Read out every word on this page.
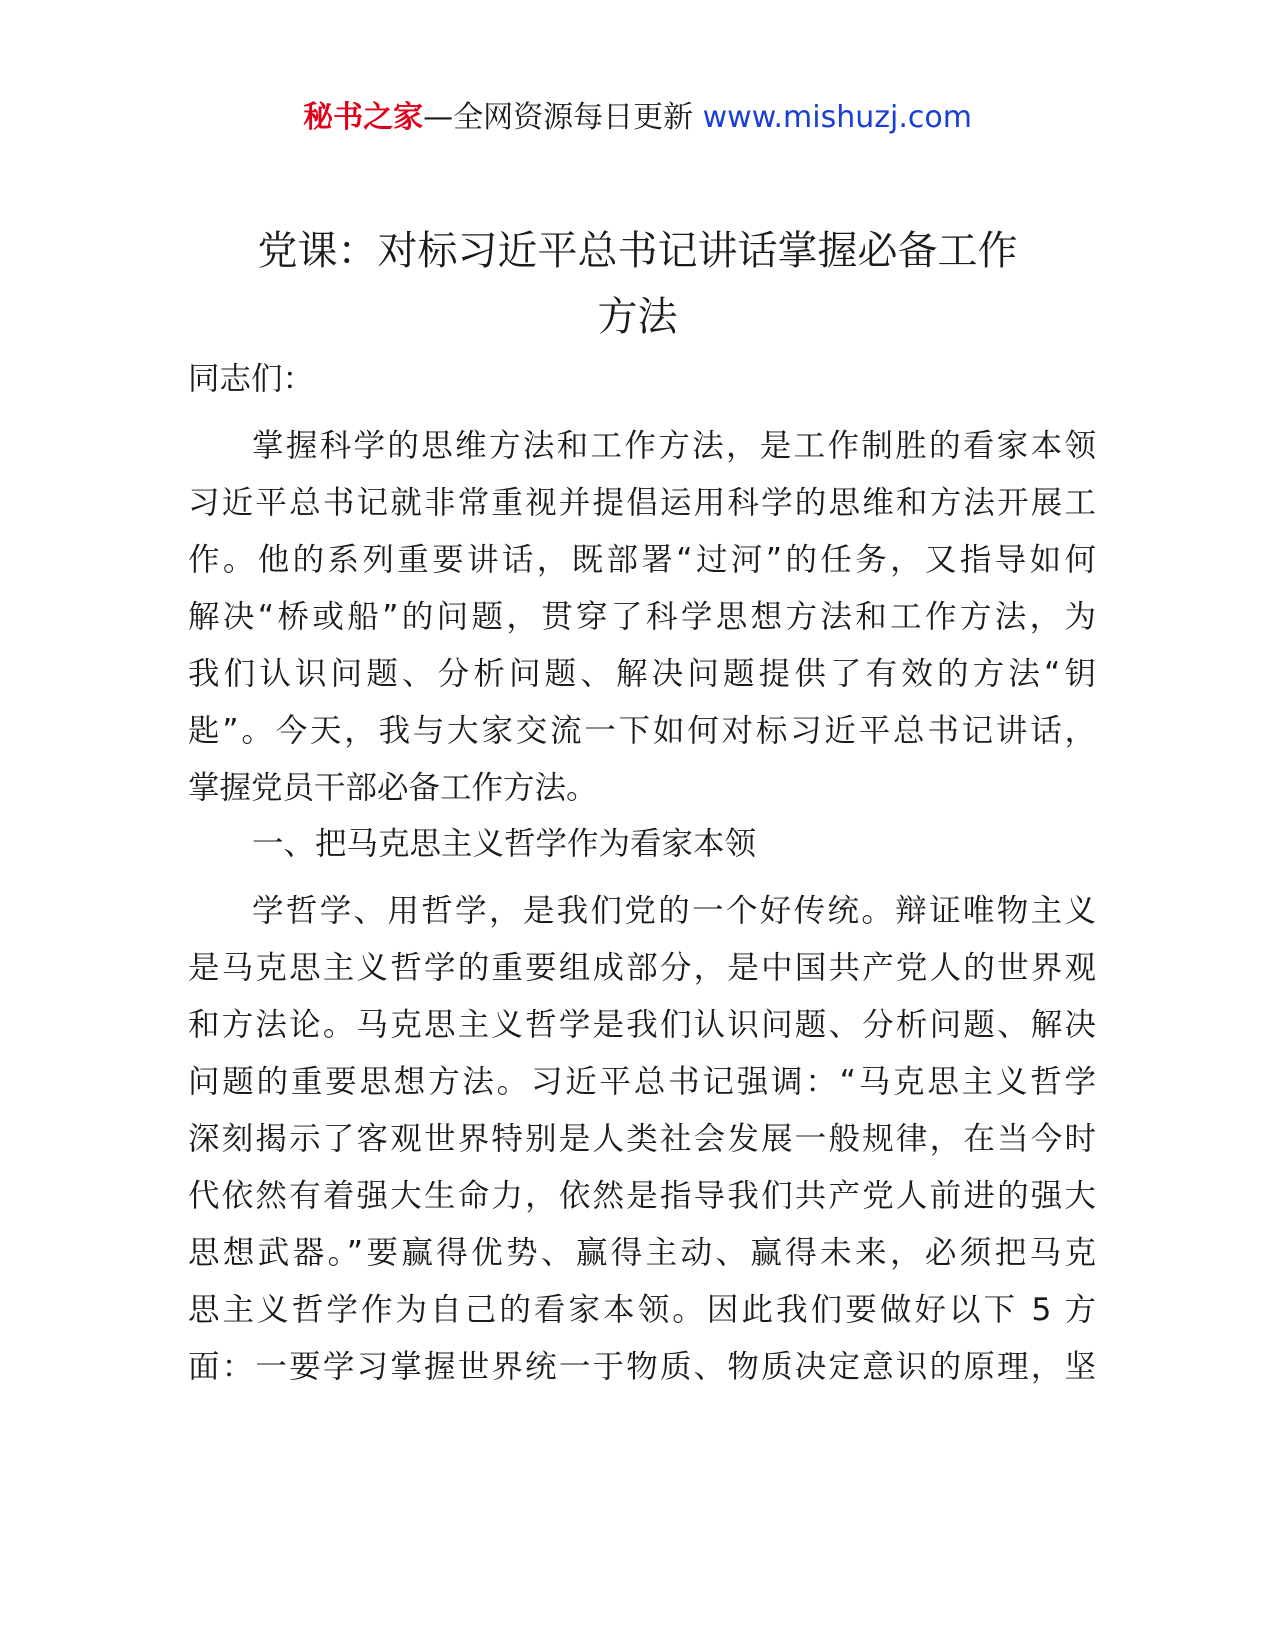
秘书之家—全网资源每日更新 www.mishuzj.com
党课：对标习近平总书记讲话掌握必备工作
方法

同志们：

掌握科学的思维方法和工作方法，是工作制胜的看家本领
习近平总书记就非常重视并提倡运用科学的思维和方法开展工
作。他的系列重要讲话，既部署“过河”的任务，又指导如何
解决“桥或船”的问题，贯穿了科学思想方法和工作方法，为
我们认识问题、分析问题、解决问题提供了有效的方法“钥
匙”。今天，我与大家交流一下如何对标习近平总书记讲话，
掌握党员干部必备工作方法。

一、把马克思主义哲学作为看家本领

学哲学、用哲学，是我们党的一个好传统。辩证唯物主义
是马克思主义哲学的重要组成部分，是中国共产党人的世界观
和方法论。马克思主义哲学是我们认识问题、分析问题、解决
问题的重要思想方法。习近平总书记强调：“马克思主义哲学
深刻揭示了客观世界特别是人类社会发展一般规律，在当今时
代依然有着强大生命力，依然是指导我们共产党人前进的强大
思想武器。”要赢得优势、赢得主动、赢得未来，必须把马克
思主义哲学作为自己的看家本领。因此我们要做好以下 5 方
面：一要学习掌握世界统一于物质、物质决定意识的原理，坚
